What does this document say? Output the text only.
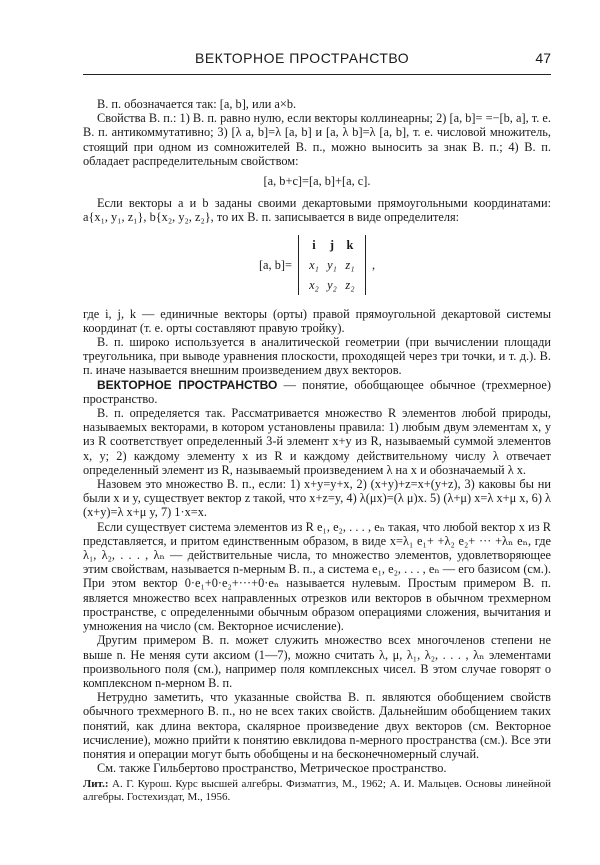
ВЕКТОРНОЕ ПРОСТРАНСТВО	47

В. п. обозначается так: [a, b], или a×b.

Свойства В. п.: 1) В. п. равно нулю, если векторы коллинеарны; 2) [a, b]= =−[b, a], т. е. В. п. антикоммутативно; 3) [λ a, b]=λ [a, b] и [a, λ b]=λ [a, b], т. е. числовой множитель, стоящий при одном из сомножителей В. п., можно выносить за знак В. п.; 4) В. п. обладает распределительным свойством:

[a, b+c]=[a, b]+[a, c].

Если векторы a и b заданы своими декартовыми прямоугольными координатами: a{x₁, y₁, z₁}, b{x₂, y₂, z₂}, то их В. п. записывается в виде определителя:

[a, b]=
i	j	k
x₁ y₁ z₁
x₂ y₂ z₂
,

где i, j, k — единичные векторы (орты) правой прямоугольной декартовой системы координат (т. е. орты составляют правую тройку).

В. п. широко используется в аналитической геометрии (при вычислении площади треугольника, при выводе уравнения плоскости, проходящей через три точки, и т. д.). В. п. иначе называется внешним произведением двух векторов.

ВЕКТОРНОЕ ПРОСТРАНСТВО — понятие, обобщающее обычное (трехмерное) пространство.

В. п. определяется так. Рассматривается множество R элементов любой природы, называемых векторами, в котором установлены правила: 1) любым двум элементам x, y из R соответствует определенный 3-й элемент x+y из R, называемый суммой элементов x, y; 2) каждому элементу x из R и каждому действительному числу λ отвечает определенный элемент из R, называемый произведением λ на x и обозначаемый λ x.

Назовем это множество В. п., если: 1) x+y=y+x, 2) (x+y)+z=x+(y+z), 3) каковы бы ни были x и y, существует вектор z такой, что x+z=y, 4) λ(μx)=(λ μ)x. 5) (λ+μ) x=λ x+μ x, 6) λ (x+y)=λ x+μ y, 7) 1·x=x.

Если существует система элементов из R e₁, e₂, . . . , eₙ такая, что любой вектор x из R представляется, и притом единственным образом, в виде x=λ₁ e₁+ +λ₂ e₂+ ··· +λₙ eₙ, где λ₁, λ₂, . . . , λₙ — действительные числа, то множество элементов, удовлетворяющее этим свойствам, называется n-мерным В. п., а система e₁, e₂, . . . , eₙ — его базисом (см.). При этом вектор 0·e₁+0·e₂+···+0·eₙ называется нулевым. Простым примером В. п. является множество всех направленных отрезков или векторов в обычном трехмерном пространстве, с определенными обычным образом операциями сложения, вычитания и умножения на число (см. Векторное исчисление).

Другим примером В. п. может служить множество всех многочленов степени не выше n. Не меняя сути аксиом (1—7), можно считать λ, μ, λ₁, λ₂, . . . , λₙ элементами произвольного поля (см.), например поля комплексных чисел. В этом случае говорят о комплексном n-мерном В. п.

Нетрудно заметить, что указанные свойства В. п. являются обобщением свойств обычного трехмерного В. п., но не всех таких свойств. Дальнейшим обобщением таких понятий, как длина вектора, скалярное произведение двух векторов (см. Векторное исчисление), можно прийти к понятию евклидова n-мерного пространства (см.). Все эти понятия и операции могут быть обобщены и на бесконечномерный случай.

См. также Гильбертово пространство, Метрическое пространство.

Лит.: А. Г. Курош. Курс высшей алгебры. Физматгиз, М., 1962; А. И. Мальцев. Основы линейной алгебры. Гостехиздат, М., 1956.
